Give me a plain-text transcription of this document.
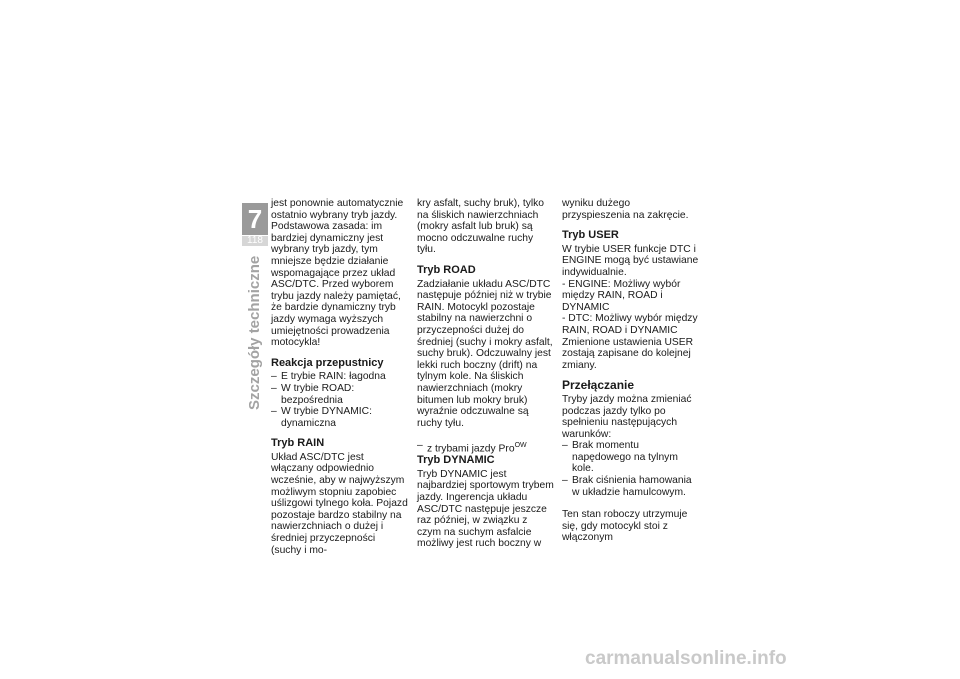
7
118
Szczegóły techniczne

jest ponownie automatycznie ostatnio wybrany tryb jazdy. Podstawowa zasada: im bardziej dynamiczny jest wybrany tryb jazdy, tym mniejsze będzie działanie wspomagające przez układ ASC/DTC. Przed wyborem trybu jazdy należy pamiętać, że bardzie dynamiczny tryb jazdy wymaga wyższych umiejętności prowadzenia motocykla!

Reakcja przepustnicy
– E trybie RAIN: łagodna
– W trybie ROAD: bezpośrednia
– W trybie DYNAMIC: dynamiczna
Tryb RAIN

Układ ASC/DTC jest włączany odpowiednio wcześnie, aby w najwyższym możliwym stopniu zapobiec uślizgowi tylnego koła. Pojazd pozostaje bardzo stabilny na nawierzchniach o dużej i średniej przyczepności (suchy i mo-

kry asfalt, suchy bruk), tylko na śliskich nawierzchniach (mokry asfalt lub bruk) są mocno odczuwalne ruchy tyłu.

Tryb ROAD

Zadziałanie układu ASC/DTC następuje później niż w trybie RAIN. Motocykl pozostaje stabilny na nawierzchni o przyczepności dużej do średniej (suchy i mokry asfalt, suchy bruk). Odczuwalny jest lekki ruch boczny (drift) na tylnym kole. Na śliskich nawierzchniach (mokry bitumen lub mokry bruk) wyraźnie odczuwalne są ruchy tyłu.

– z trybami jazdy Pro$^{OW}$
Tryb DYNAMIC

Tryb DYNAMIC jest najbardziej sportowym trybem jazdy. Ingerencja układu ASC/DTC następuje jeszcze raz później, w związku z czym na suchym asfalcie możliwy jest ruch boczny w

wyniku dużego przyspieszenia na zakręcie.

Tryb USER

W trybie USER funkcje DTC i ENGINE mogą być ustawiane indywidualnie.

- ENGINE: Możliwy wybór między RAIN, ROAD i DYNAMIC

- DTC: Możliwy wybór między RAIN, ROAD i DYNAMIC

Zmienione ustawienia USER zostają zapisane do kolejnej zmiany.

Przełączanie

Tryby jazdy można zmieniać podczas jazdy tylko po spełnieniu następujących warunków:

– Brak momentu napędowego na tylnym kole.
– Brak ciśnienia hamowania w układzie hamulcowym.

Ten stan roboczy utrzymuje się, gdy motocykl stoi z włączonym

carmanualsonline.info
